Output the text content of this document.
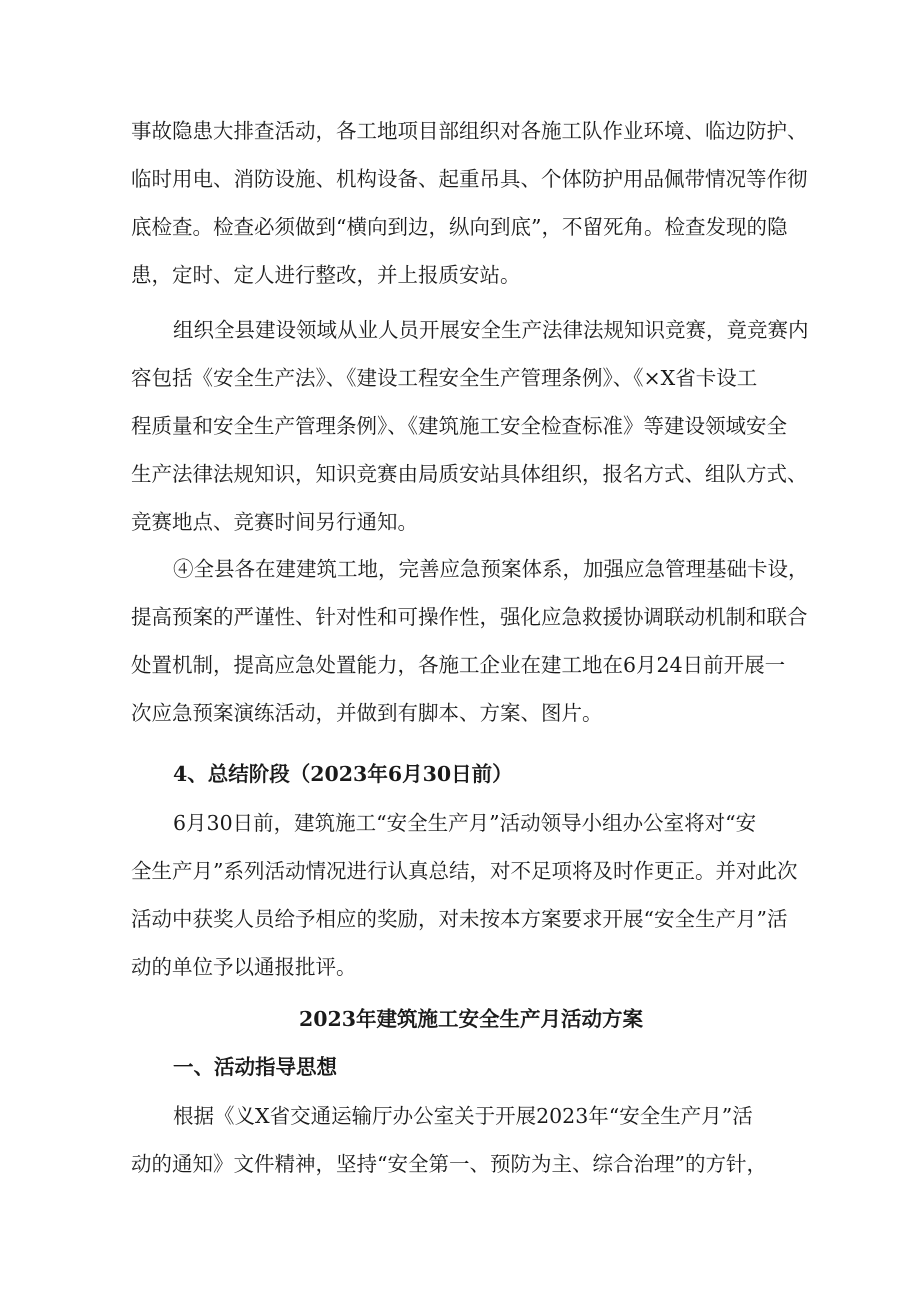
事故隐患大排查活动，各工地项目部组织对各施工队作业环境、临边防护、
临时用电、消防设施、机构设备、起重吊具、个体防护用品佩带情况等作彻
底检查。检查必须做到“横向到边，纵向到底”，不留死角。检查发现的隐
患，定时、定人进行整改，并上报质安站。
组织全县建设领域从业人员开展安全生产法律法规知识竞赛，竟竞赛内
容包括《安全生产法》、《建设工程安全生产管理条例》、《×X省卡设工
程质量和安全生产管理条例》、《建筑施工安全检查标准》等建设领域安全
生产法律法规知识，知识竞赛由局质安站具体组织，报名方式、组队方式、
竞赛地点、竞赛时间另行通知。
④全县各在建建筑工地，完善应急预案体系，加强应急管理基础卡设，
提高预案的严谨性、针对性和可操作性，强化应急救援协调联动机制和联合
处置机制，提高应急处置能力，各施工企业在建工地在6月24日前开展一
次应急预案演练活动，并做到有脚本、方案、图片。
4、总结阶段（2023年6月30日前）
6月30日前，建筑施工“安全生产月”活动领导小组办公室将对“安
全生产月”系列活动情况进行认真总结，对不足项将及时作更正。并对此次
活动中获奖人员给予相应的奖励，对未按本方案要求开展“安全生产月”活
动的单位予以通报批评。
2023年建筑施工安全生产月活动方案
一、活动指导思想
根据《义X省交通运输厅办公室关于开展2023年“安全生产月”活
动的通知》文件精神，坚持“安全第一、预防为主、综合治理”的方针，
